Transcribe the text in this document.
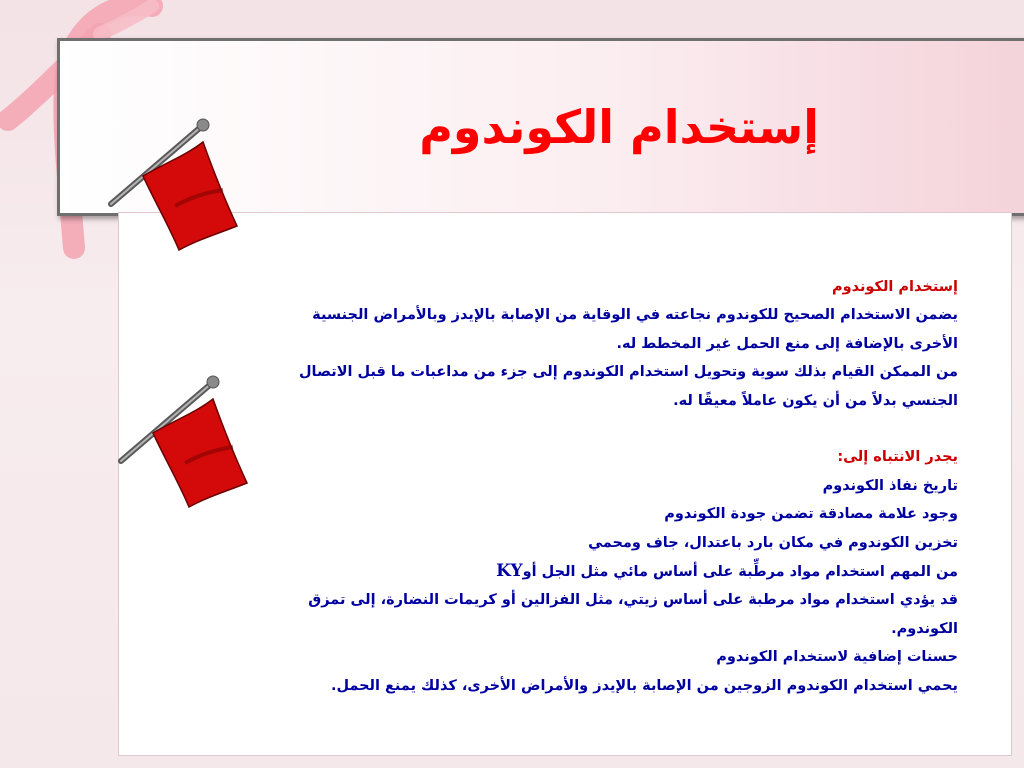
إستخدام الكوندوم
إستخدام الكوندوم
يضمن الاستخدام الصحيح للكوندوم نجاعته في الوقاية من الإصابة بالإيدز وبالأمراض الجنسية
الأخرى بالإضافة إلى منع الحمل غير المخطط له.
من الممكن القيام بذلك سوية وتحويل استخدام الكوندوم إلى جزء من مداعبات ما قبل الاتصال
الجنسي بدلاً من أن يكون عاملاً معيقًا له.
يجدر الانتباه إلى:
تاريخ نفاذ الكوندوم
وجود علامة مصادقة تضمن جودة الكوندوم
تخزين الكوندوم في مكان بارد باعتدال، جاف ومحمي
من المهم استخدام مواد مرطِّبة على أساس مائي مثل الجل أوKY
قد يؤدي استخدام مواد مرطبة على أساس زيتي، مثل الفزالين أو كريمات النضارة، إلى تمزق
الكوندوم.
حسنات إضافية لاستخدام الكوندوم
يحمي استخدام الكوندوم الزوجين من الإصابة بالإيدز والأمراض الأخرى، كذلك يمنع الحمل.
